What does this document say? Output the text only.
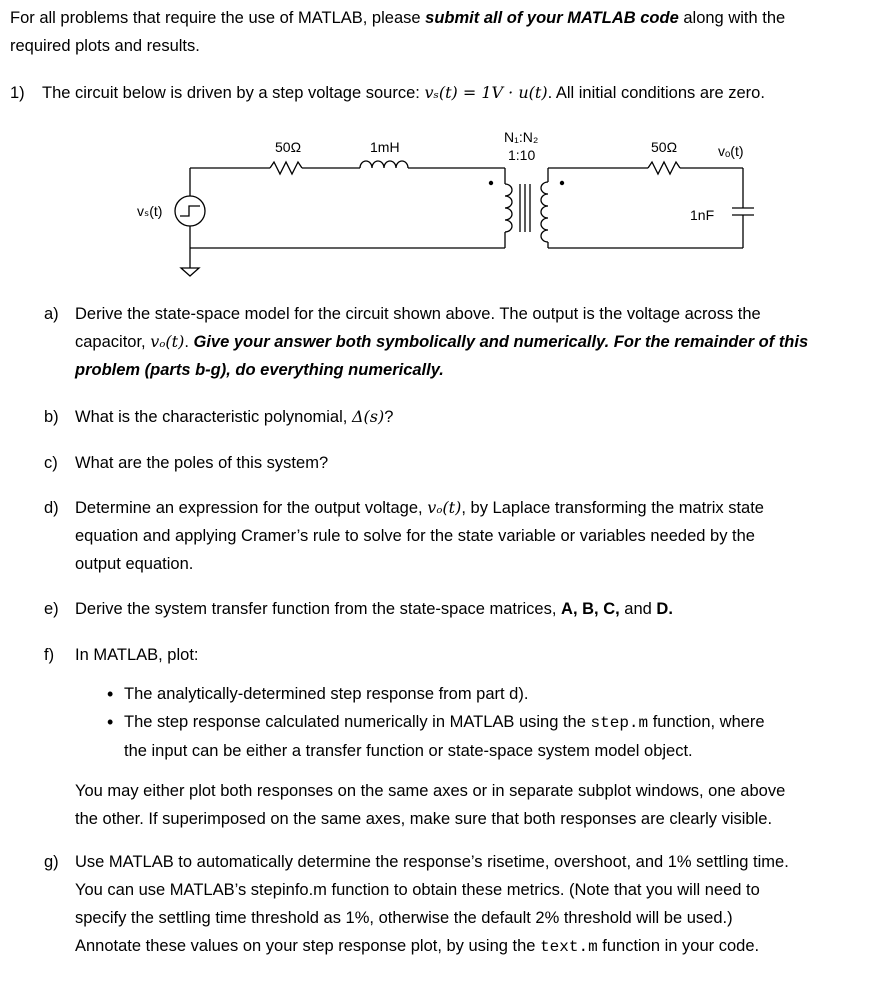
For all problems that require the use of MATLAB, please submit all of your MATLAB code along with the
required plots and results.
1) The circuit below is driven by a step voltage source: vₛ(t) = 1V · u(t). All initial conditions are zero.
vₛ(t)
50Ω	1mH
N₁:N₂
1:10	50Ω	vₒ(t)
1nF
a) Derive the state-space model for the circuit shown above. The output is the voltage across the
capacitor, vₒ(t). Give your answer both symbolically and numerically. For the remainder of this
problem (parts b-g), do everything numerically.
b) What is the characteristic polynomial, Δ(s)?
c) What are the poles of this system?
d) Determine an expression for the output voltage, vₒ(t), by Laplace transforming the matrix state
equation and applying Cramer’s rule to solve for the state variable or variables needed by the
output equation.
e) Derive the system transfer function from the state-space matrices, A, B, C, and D.
f) In MATLAB, plot:
• The analytically-determined step response from part d).
• The step response calculated numerically in MATLAB using the step.m function, where
the input can be either a transfer function or state-space system model object.
You may either plot both responses on the same axes or in separate subplot windows, one above
the other. If superimposed on the same axes, make sure that both responses are clearly visible.
g) Use MATLAB to automatically determine the response’s risetime, overshoot, and 1% settling time.
You can use MATLAB’s stepinfo.m function to obtain these metrics. (Note that you will need to
specify the settling time threshold as 1%, otherwise the default 2% threshold will be used.)
Annotate these values on your step response plot, by using the text.m function in your code.
